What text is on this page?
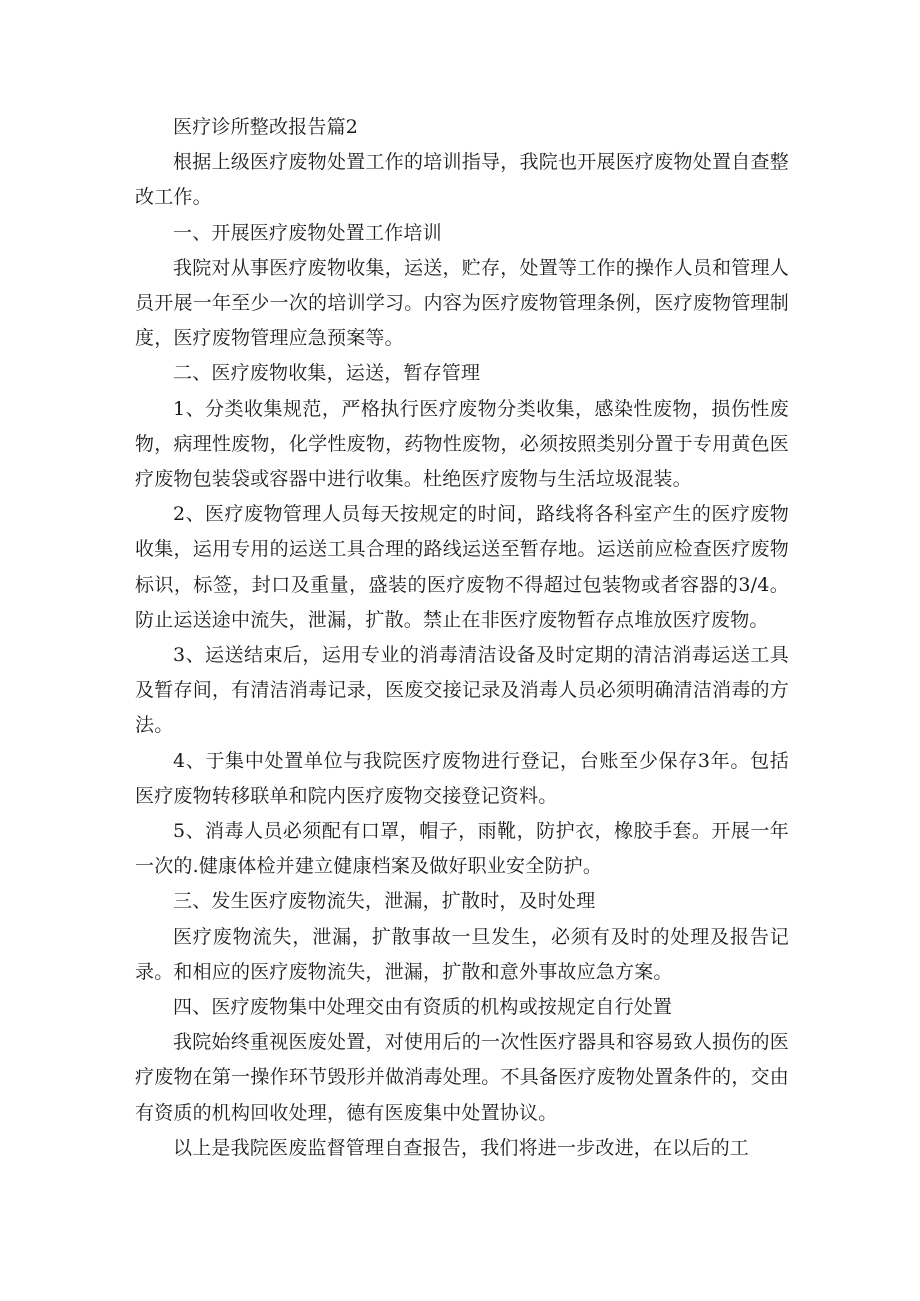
医疗诊所整改报告篇2

根据上级医疗废物处置工作的培训指导，我院也开展医疗废物处置自查整改工作。

一、开展医疗废物处置工作培训

我院对从事医疗废物收集，运送，贮存，处置等工作的操作人员和管理人员开展一年至少一次的培训学习。内容为医疗废物管理条例，医疗废物管理制度，医疗废物管理应急预案等。

二、医疗废物收集，运送，暂存管理

1、分类收集规范，严格执行医疗废物分类收集，感染性废物，损伤性废物，病理性废物，化学性废物，药物性废物，必须按照类别分置于专用黄色医疗废物包装袋或容器中进行收集。杜绝医疗废物与生活垃圾混装。

2、医疗废物管理人员每天按规定的时间，路线将各科室产生的医疗废物收集，运用专用的运送工具合理的路线运送至暂存地。运送前应检查医疗废物标识，标签，封口及重量，盛装的医疗废物不得超过包装物或者容器的3/4。防止运送途中流失，泄漏，扩散。禁止在非医疗废物暂存点堆放医疗废物。

3、运送结束后，运用专业的消毒清洁设备及时定期的清洁消毒运送工具及暂存间，有清洁消毒记录，医废交接记录及消毒人员必须明确清洁消毒的方法。

4、于集中处置单位与我院医疗废物进行登记，台账至少保存3年。包括医疗废物转移联单和院内医疗废物交接登记资料。

5、消毒人员必须配有口罩，帽子，雨靴，防护衣，橡胶手套。开展一年一次的.健康体检并建立健康档案及做好职业安全防护。

三、发生医疗废物流失，泄漏，扩散时，及时处理

医疗废物流失，泄漏，扩散事故一旦发生，必须有及时的处理及报告记录。和相应的医疗废物流失，泄漏，扩散和意外事故应急方案。

四、医疗废物集中处理交由有资质的机构或按规定自行处置

我院始终重视医废处置，对使用后的一次性医疗器具和容易致人损伤的医疗废物在第一操作环节毁形并做消毒处理。不具备医疗废物处置条件的，交由有资质的机构回收处理，德有医废集中处置协议。

以上是我院医废监督管理自查报告，我们将进一步改进，在以后的工
